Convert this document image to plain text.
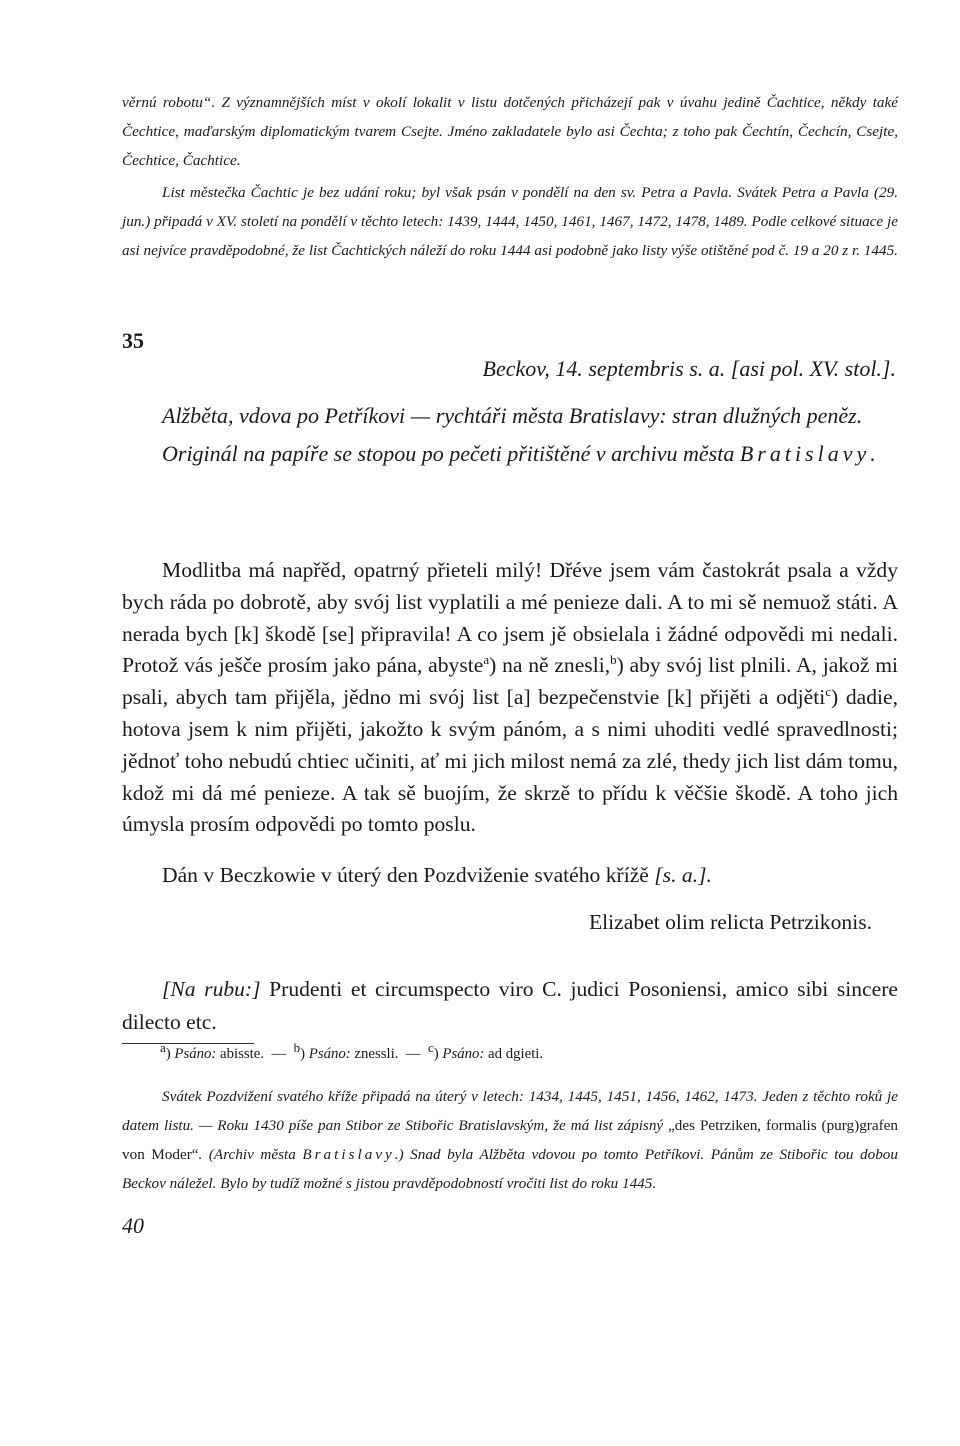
věrnú robotu“. Z významnějších míst v okolí lokalit v listu dotčených přicházejí pak v úvahu jedině Čachtice, někdy také Čechtice, maďarským diplomatickým tvarem Csejte. Jméno zakladatele bylo asi Čechta; z toho pak Čechtín, Čechcín, Csejte, Čechtice, Čachtice.

List městečka Čachtic je bez udání roku; byl však psán v pondělí na den sv. Petra a Pavla. Svátek Petra a Pavla (29. jun.) připadá v XV. století na pondělí v těchto letech: 1439, 1444, 1450, 1461, 1467, 1472, 1478, 1489. Podle celkové situace je asi nejvíce pravděpodobné, že list Čachtických náleží do roku 1444 asi podobně jako listy výše otištěné pod č. 19 a 20 z r. 1445.

35

Beckov, 14. septembris s. a. [asi pol. XV. stol.].

Alžběta, vdova po Petříkovi — rychtáři města Bratislavy: stran dlužných peněz.

Originál na papíře se stopou po pečeti přitištěné v archivu města Bratislavy.

Modlitba má napřěd, opatrný přieteli milý! Dřéve jsem vám častokrát psala a vždy bych ráda po dobrotě, aby svój list vyplatili a mé penieze dali. A to mi sě nemuož státi. A nerada bych [k] škodě [se] připravila! A co jsem jě obsielala i žádné odpovědi mi nedali. Protož vás ješče prosím jako pána, abyste$^a$) na ně znesli,$^b$) aby svój list plnili. A, jakož mi psali, abych tam přijěla, jědno mi svój list [a] bezpečenstvie [k] přijěti a odjěti$^c$) dadie, hotova jsem k nim přijěti, jakožto k svým pánóm, a s nimi uhoditi vedlé spravedlnosti; jědnoť toho nebudú chtiec učiniti, ať mi jich milost nemá za zlé, thedy jich list dám tomu, kdož mi dá mé penieze. A tak sě buojím, že skrzě to přídu k věčšie škodě. A toho jich úmysla prosím odpovědi po tomto poslu.

Dán v Beczkowie v úterý den Pozdviženie svatého křížě [s. a.].

Elizabet olim relicta Petrzikonis.

[Na rubu:] Prudenti et circumspecto viro C. judici Posoniensi, amico sibi sincere dilecto etc.

$^a$) Psáno: abisste. — $^b$) Psáno: znessli. — $^c$) Psáno: ad dgieti.

Svátek Pozdvižení svatého kříže připadá na úterý v letech: 1434, 1445, 1451, 1456, 1462, 1473. Jeden z těchto roků je datem listu. — Roku 1430 píše pan Stibor ze Stibořic Bratislavským, že má list zápisný „des Petrziken, formalis (purg)grafen von Moder“. (Archiv města Bratislavy.) Snad byla Alžběta vdovou po tomto Petříkovi. Pánům ze Stibořic tou dobou Beckov náležel. Bylo by tudíž možné s jistou pravděpodobností vročiti list do roku 1445.

40
